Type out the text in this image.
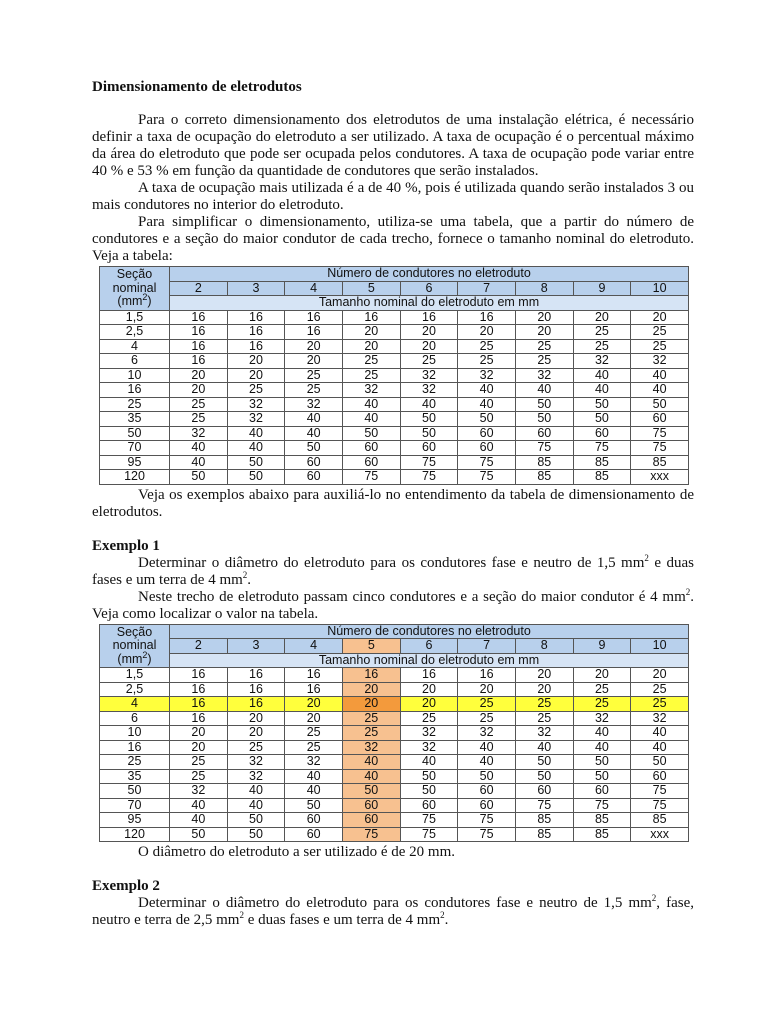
Dimensionamento de eletrodutos

Para o correto dimensionamento dos eletrodutos de uma instalação elétrica, é necessário definir a taxa de ocupação do eletroduto a ser utilizado. A taxa de ocupação é o percentual máximo da área do eletroduto que pode ser ocupada pelos condutores. A taxa de ocupação pode variar entre 40 % e 53 % em função da quantidade de condutores que serão instalados.

A taxa de ocupação mais utilizada é a de 40 %, pois é utilizada quando serão instalados 3 ou mais condutores no interior do eletroduto.

Para simplificar o dimensionamento, utiliza-se uma tabela, que a partir do número de condutores e a seção do maior condutor de cada trecho, fornece o tamanho nominal do eletroduto. Veja a tabela:

Seção
nominal
$(mm^2)$	Número de condutores no eletroduto								
	2	3	4	5	6	7	8	9	10
	Tamanho nominal do eletroduto em mm								
1,5	16	16	16	16	16	16	20	20	20
2,5	16	16	16	20	20	20	20	25	25
4	16	16	20	20	20	25	25	25	25
6	16	20	20	25	25	25	25	32	32
10	20	20	25	25	32	32	32	40	40
16	20	25	25	32	32	40	40	40	40
25	25	32	32	40	40	40	50	50	50
35	25	32	40	40	50	50	50	50	60
50	32	40	40	50	50	60	60	60	75
70	40	40	50	60	60	60	75	75	75
95	40	50	60	60	75	75	85	85	85
120	50	50	60	75	75	75	85	85	xxx

Veja os exemplos abaixo para auxiliá-lo no entendimento da tabela de dimensionamento de eletrodutos.

Exemplo 1

Determinar o diâmetro do eletroduto para os condutores fase e neutro de 1,5 $mm^2$ e duas fases e um terra de 4 $mm^2$.

Neste trecho de eletroduto passam cinco condutores e a seção do maior condutor é 4 $mm^2$. Veja como localizar o valor na tabela.

Seção
nominal
$(mm^2)$	Número de condutores no eletroduto								
	2	3	4	5	6	7	8	9	10
	Tamanho nominal do eletroduto em mm								
1,5	16	16	16	16	16	16	20	20	20
2,5	16	16	16	20	20	20	20	25	25
4	16	16	20	20	20	25	25	25	25
6	16	20	20	25	25	25	25	32	32
10	20	20	25	25	32	32	32	40	40
16	20	25	25	32	32	40	40	40	40
25	25	32	32	40	40	40	50	50	50
35	25	32	40	40	50	50	50	50	60
50	32	40	40	50	50	60	60	60	75
70	40	40	50	60	60	60	75	75	75
95	40	50	60	60	75	75	85	85	85
120	50	50	60	75	75	75	85	85	xxx

O diâmetro do eletroduto a ser utilizado é de 20 mm.

Exemplo 2

Determinar o diâmetro do eletroduto para os condutores fase e neutro de 1,5 $mm^2$, fase, neutro e terra de 2,5 $mm^2$ e duas fases e um terra de 4 $mm^2$.
